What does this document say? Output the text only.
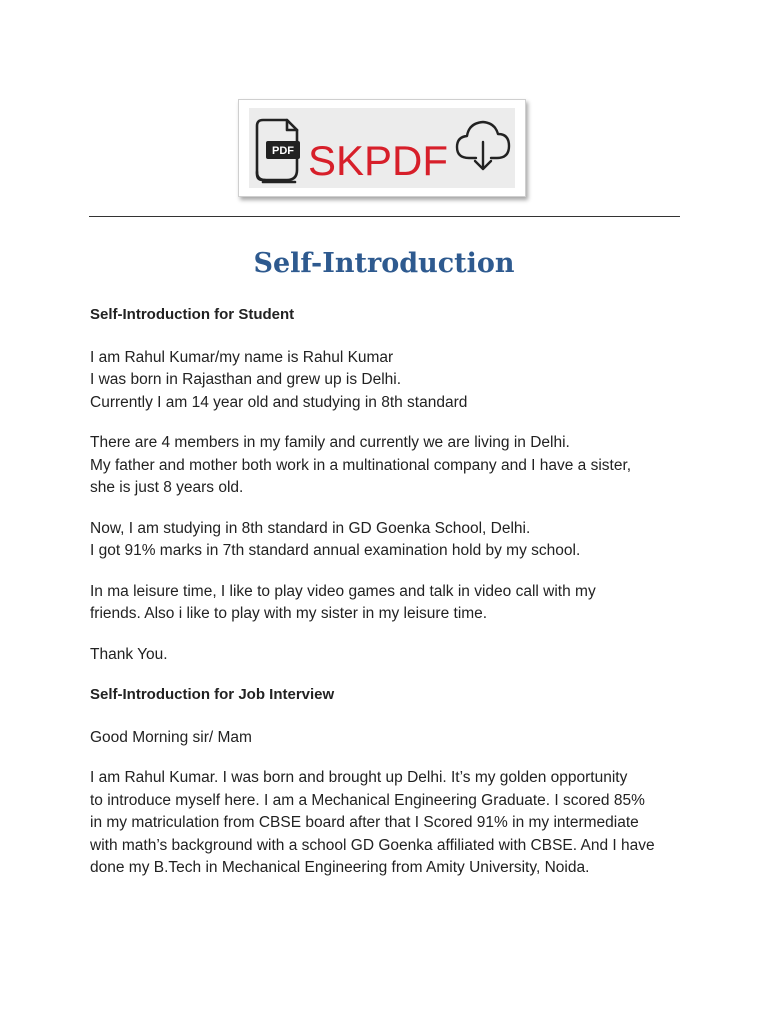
PDF SKPDF
Self-Introduction

Self-Introduction for Student

I am Rahul Kumar/my name is Rahul Kumar
I was born in Rajasthan and grew up is Delhi.
Currently I am 14 year old and studying in 8th standard

There are 4 members in my family and currently we are living in Delhi.
My father and mother both work in a multinational company and I have a sister,
she is just 8 years old.

Now, I am studying in 8th standard in GD Goenka School, Delhi.
I got 91% marks in 7th standard annual examination hold by my school.

In ma leisure time, I like to play video games and talk in video call with my
friends. Also i like to play with my sister in my leisure time.

Thank You.

Self-Introduction for Job Interview

Good Morning sir/ Mam

I am Rahul Kumar. I was born and brought up Delhi. It’s my golden opportunity
to introduce myself here. I am a Mechanical Engineering Graduate. I scored 85%
in my matriculation from CBSE board after that I Scored 91% in my intermediate
with math’s background with a school GD Goenka affiliated with CBSE. And I have
done my B.Tech in Mechanical Engineering from Amity University, Noida.
